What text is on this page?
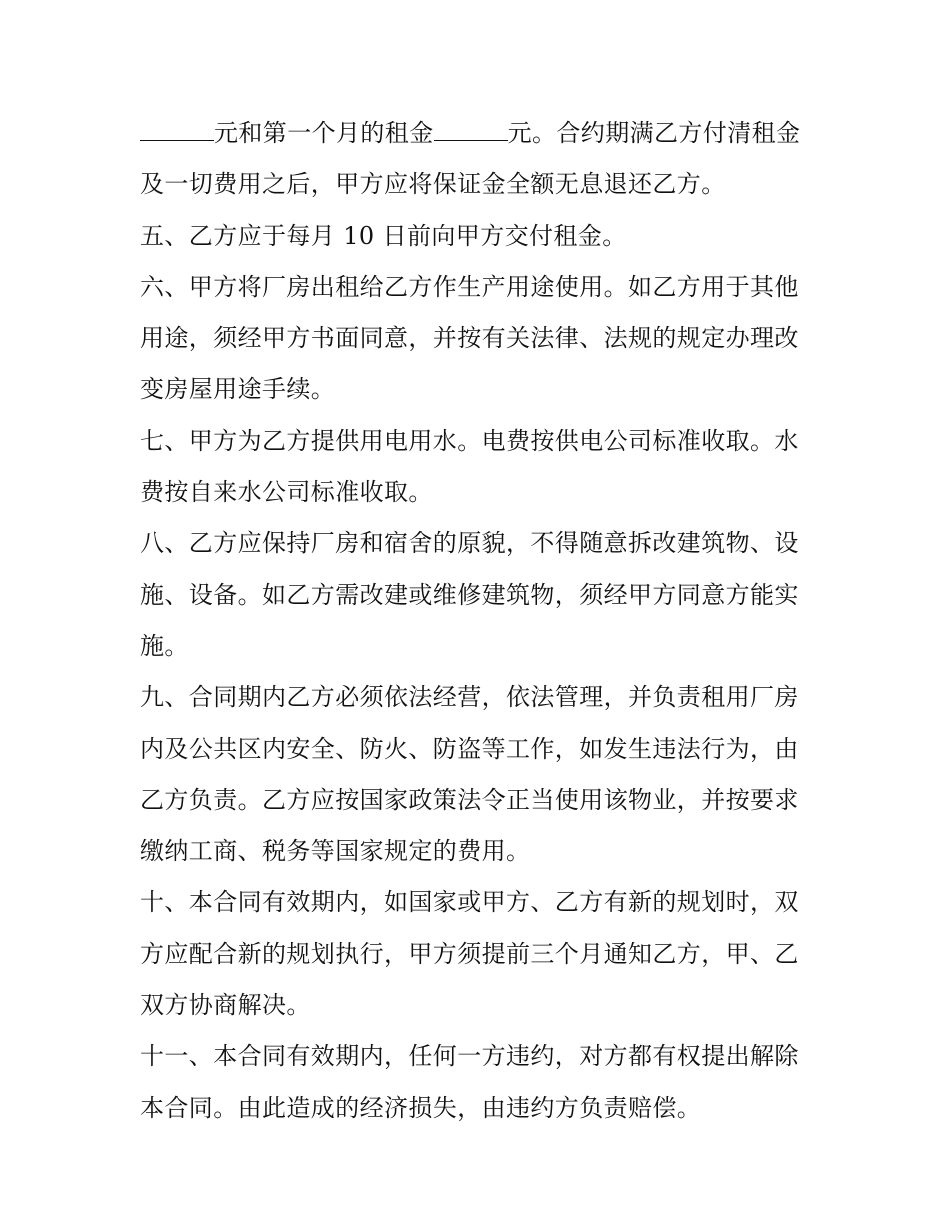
元和第一个月的租金	元。合约期满乙方付清租金
及一切费用之后，甲方应将保证金全额无息退还乙方。
五、乙方应于每月 10 日前向甲方交付租金。
六、甲方将厂房出租给乙方作生产用途使用。如乙方用于其他
用途，须经甲方书面同意，并按有关法律、法规的规定办理改
变房屋用途手续。
七、甲方为乙方提供用电用水。电费按供电公司标准收取。水
费按自来水公司标准收取。
八、乙方应保持厂房和宿舍的原貌，不得随意拆改建筑物、设
施、设备。如乙方需改建或维修建筑物，须经甲方同意方能实
施。
九、合同期内乙方必须依法经营，依法管理，并负责租用厂房
内及公共区内安全、防火、防盗等工作，如发生违法行为，由
乙方负责。乙方应按国家政策法令正当使用该物业，并按要求
缴纳工商、税务等国家规定的费用。
十、本合同有效期内，如国家或甲方、乙方有新的规划时，双
方应配合新的规划执行，甲方须提前三个月通知乙方，甲、乙
双方协商解决。
十一、本合同有效期内，任何一方违约，对方都有权提出解除
本合同。由此造成的经济损失，由违约方负责赔偿。
